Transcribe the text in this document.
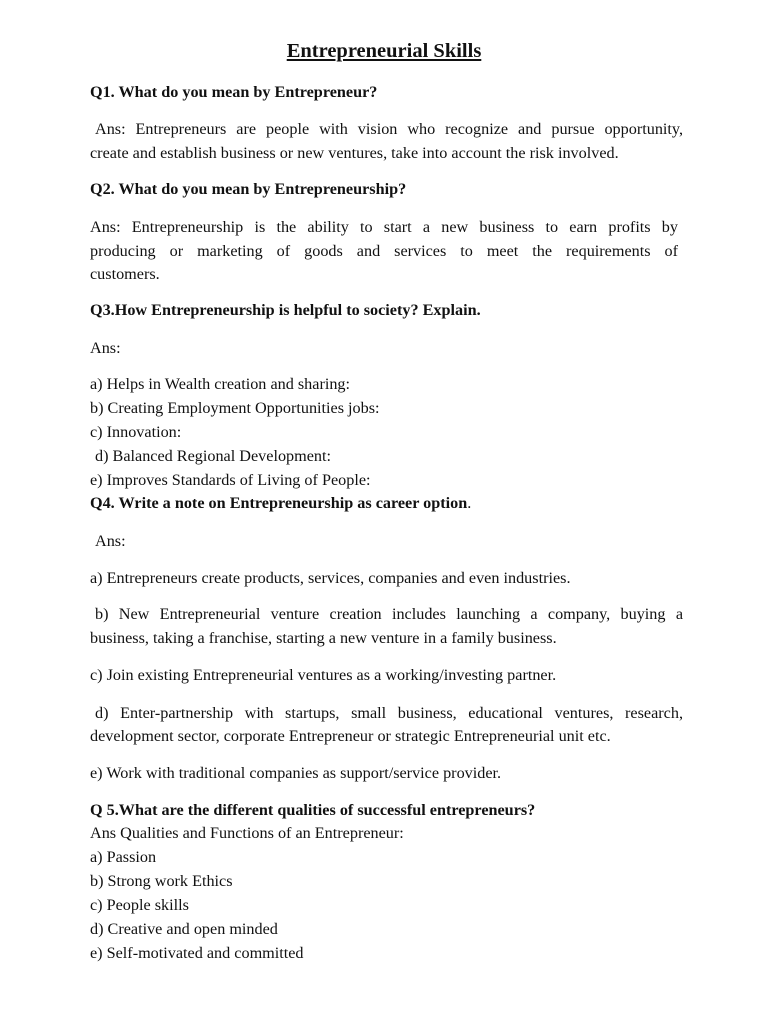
Entrepreneurial Skills
Q1. What do you mean by Entrepreneur?
Ans: Entrepreneurs are people with vision who recognize and pursue opportunity,
create and establish business or new ventures, take into account the risk involved.
Q2. What do you mean by Entrepreneurship?
Ans: Entrepreneurship is the ability to start a new business to earn profits by
producing or marketing of goods and services to meet the requirements of
customers.
Q3.How Entrepreneurship is helpful to society? Explain.
Ans:
a) Helps in Wealth creation and sharing:
b) Creating Employment Opportunities jobs:
c) Innovation:
d) Balanced Regional Development:
e) Improves Standards of Living of People:
Q4. Write a note on Entrepreneurship as career option.
Ans:
a) Entrepreneurs create products, services, companies and even industries.
b) New Entrepreneurial venture creation includes launching a company, buying a
business, taking a franchise, starting a new venture in a family business.
c) Join existing Entrepreneurial ventures as a working/investing partner.
d) Enter-partnership with startups, small business, educational ventures, research,
development sector, corporate Entrepreneur or strategic Entrepreneurial unit etc.
e) Work with traditional companies as support/service provider.
Q 5.What are the different qualities of successful entrepreneurs?
Ans Qualities and Functions of an Entrepreneur:
a) Passion
b) Strong work Ethics
c) People skills
d) Creative and open minded
e) Self-motivated and committed
